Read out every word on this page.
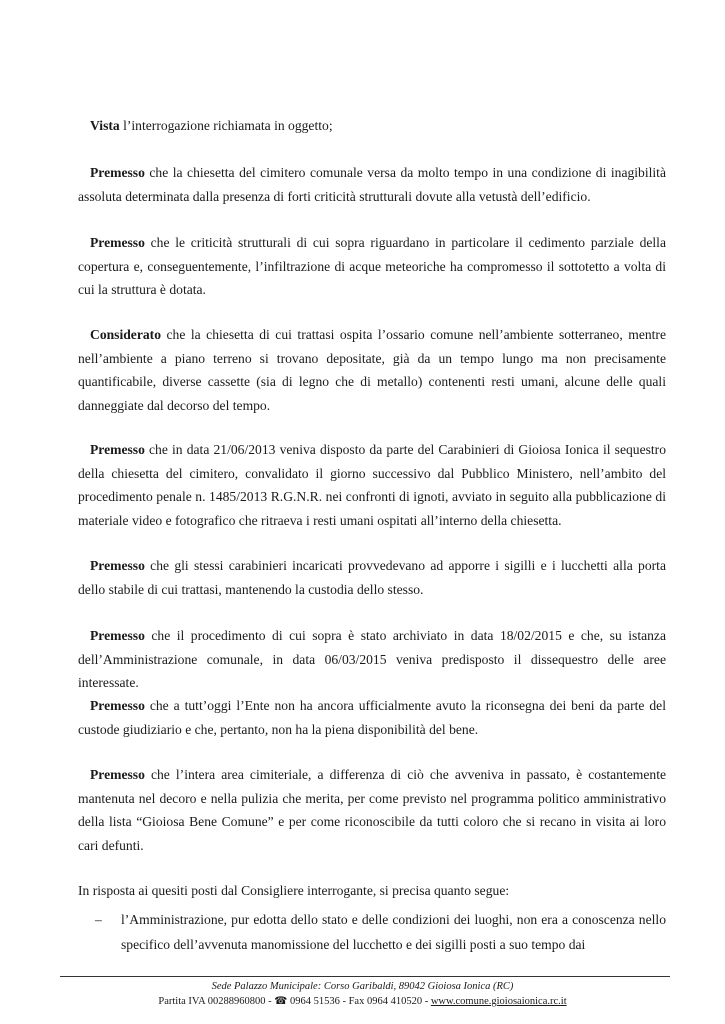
Vista l’interrogazione richiamata in oggetto;

Premesso che la chiesetta del cimitero comunale versa da molto tempo in una condizione di inagibilità assoluta determinata dalla presenza di forti criticità strutturali dovute alla vetustà dell’edificio.

Premesso che le criticità strutturali di cui sopra riguardano in particolare il cedimento parziale della copertura e, conseguentemente, l’infiltrazione di acque meteoriche ha compromesso il sottotetto a volta di cui la struttura è dotata.

Considerato che la chiesetta di cui trattasi ospita l’ossario comune nell’ambiente sotterraneo, mentre nell’ambiente a piano terreno si trovano depositate, già da un tempo lungo ma non precisamente quantificabile, diverse cassette (sia di legno che di metallo) contenenti resti umani, alcune delle quali danneggiate dal decorso del tempo.

Premesso che in data 21/06/2013 veniva disposto da parte del Carabinieri di Gioiosa Ionica il sequestro della chiesetta del cimitero, convalidato il giorno successivo dal Pubblico Ministero, nell’ambito del procedimento penale n. 1485/2013 R.G.N.R. nei confronti di ignoti, avviato in seguito alla pubblicazione di materiale video e fotografico che ritraeva i resti umani ospitati all’interno della chiesetta.

Premesso che gli stessi carabinieri incaricati provvedevano ad apporre i sigilli e i lucchetti alla porta dello stabile di cui trattasi, mantenendo la custodia dello stesso.

Premesso che il procedimento di cui sopra è stato archiviato in data 18/02/2015 e che, su istanza dell’Amministrazione comunale, in data 06/03/2015 veniva predisposto il dissequestro delle aree interessate.

Premesso che a tutt’oggi l’Ente non ha ancora ufficialmente avuto la riconsegna dei beni da parte del custode giudiziario e che, pertanto, non ha la piena disponibilità del bene.

Premesso che l’intera area cimiteriale, a differenza di ciò che avveniva in passato, è costantemente mantenuta nel decoro e nella pulizia che merita, per come previsto nel programma politico amministrativo della lista “Gioiosa Bene Comune” e per come riconoscibile da tutti coloro che si recano in visita ai loro cari defunti.

In risposta ai quesiti posti dal Consigliere interrogante, si precisa quanto segue:

– l’Amministrazione, pur edotta dello stato e delle condizioni dei luoghi, non era a conoscenza nello specifico dell’avvenuta manomissione del lucchetto e dei sigilli posti a suo tempo dai

Sede Palazzo Municipale: Corso Garibaldi, 89042 Gioiosa Ionica (RC)
Partita IVA 00288960800 - ☎ 0964 51536 - Fax 0964 410520 - www.comune.gioiosaionica.rc.it
